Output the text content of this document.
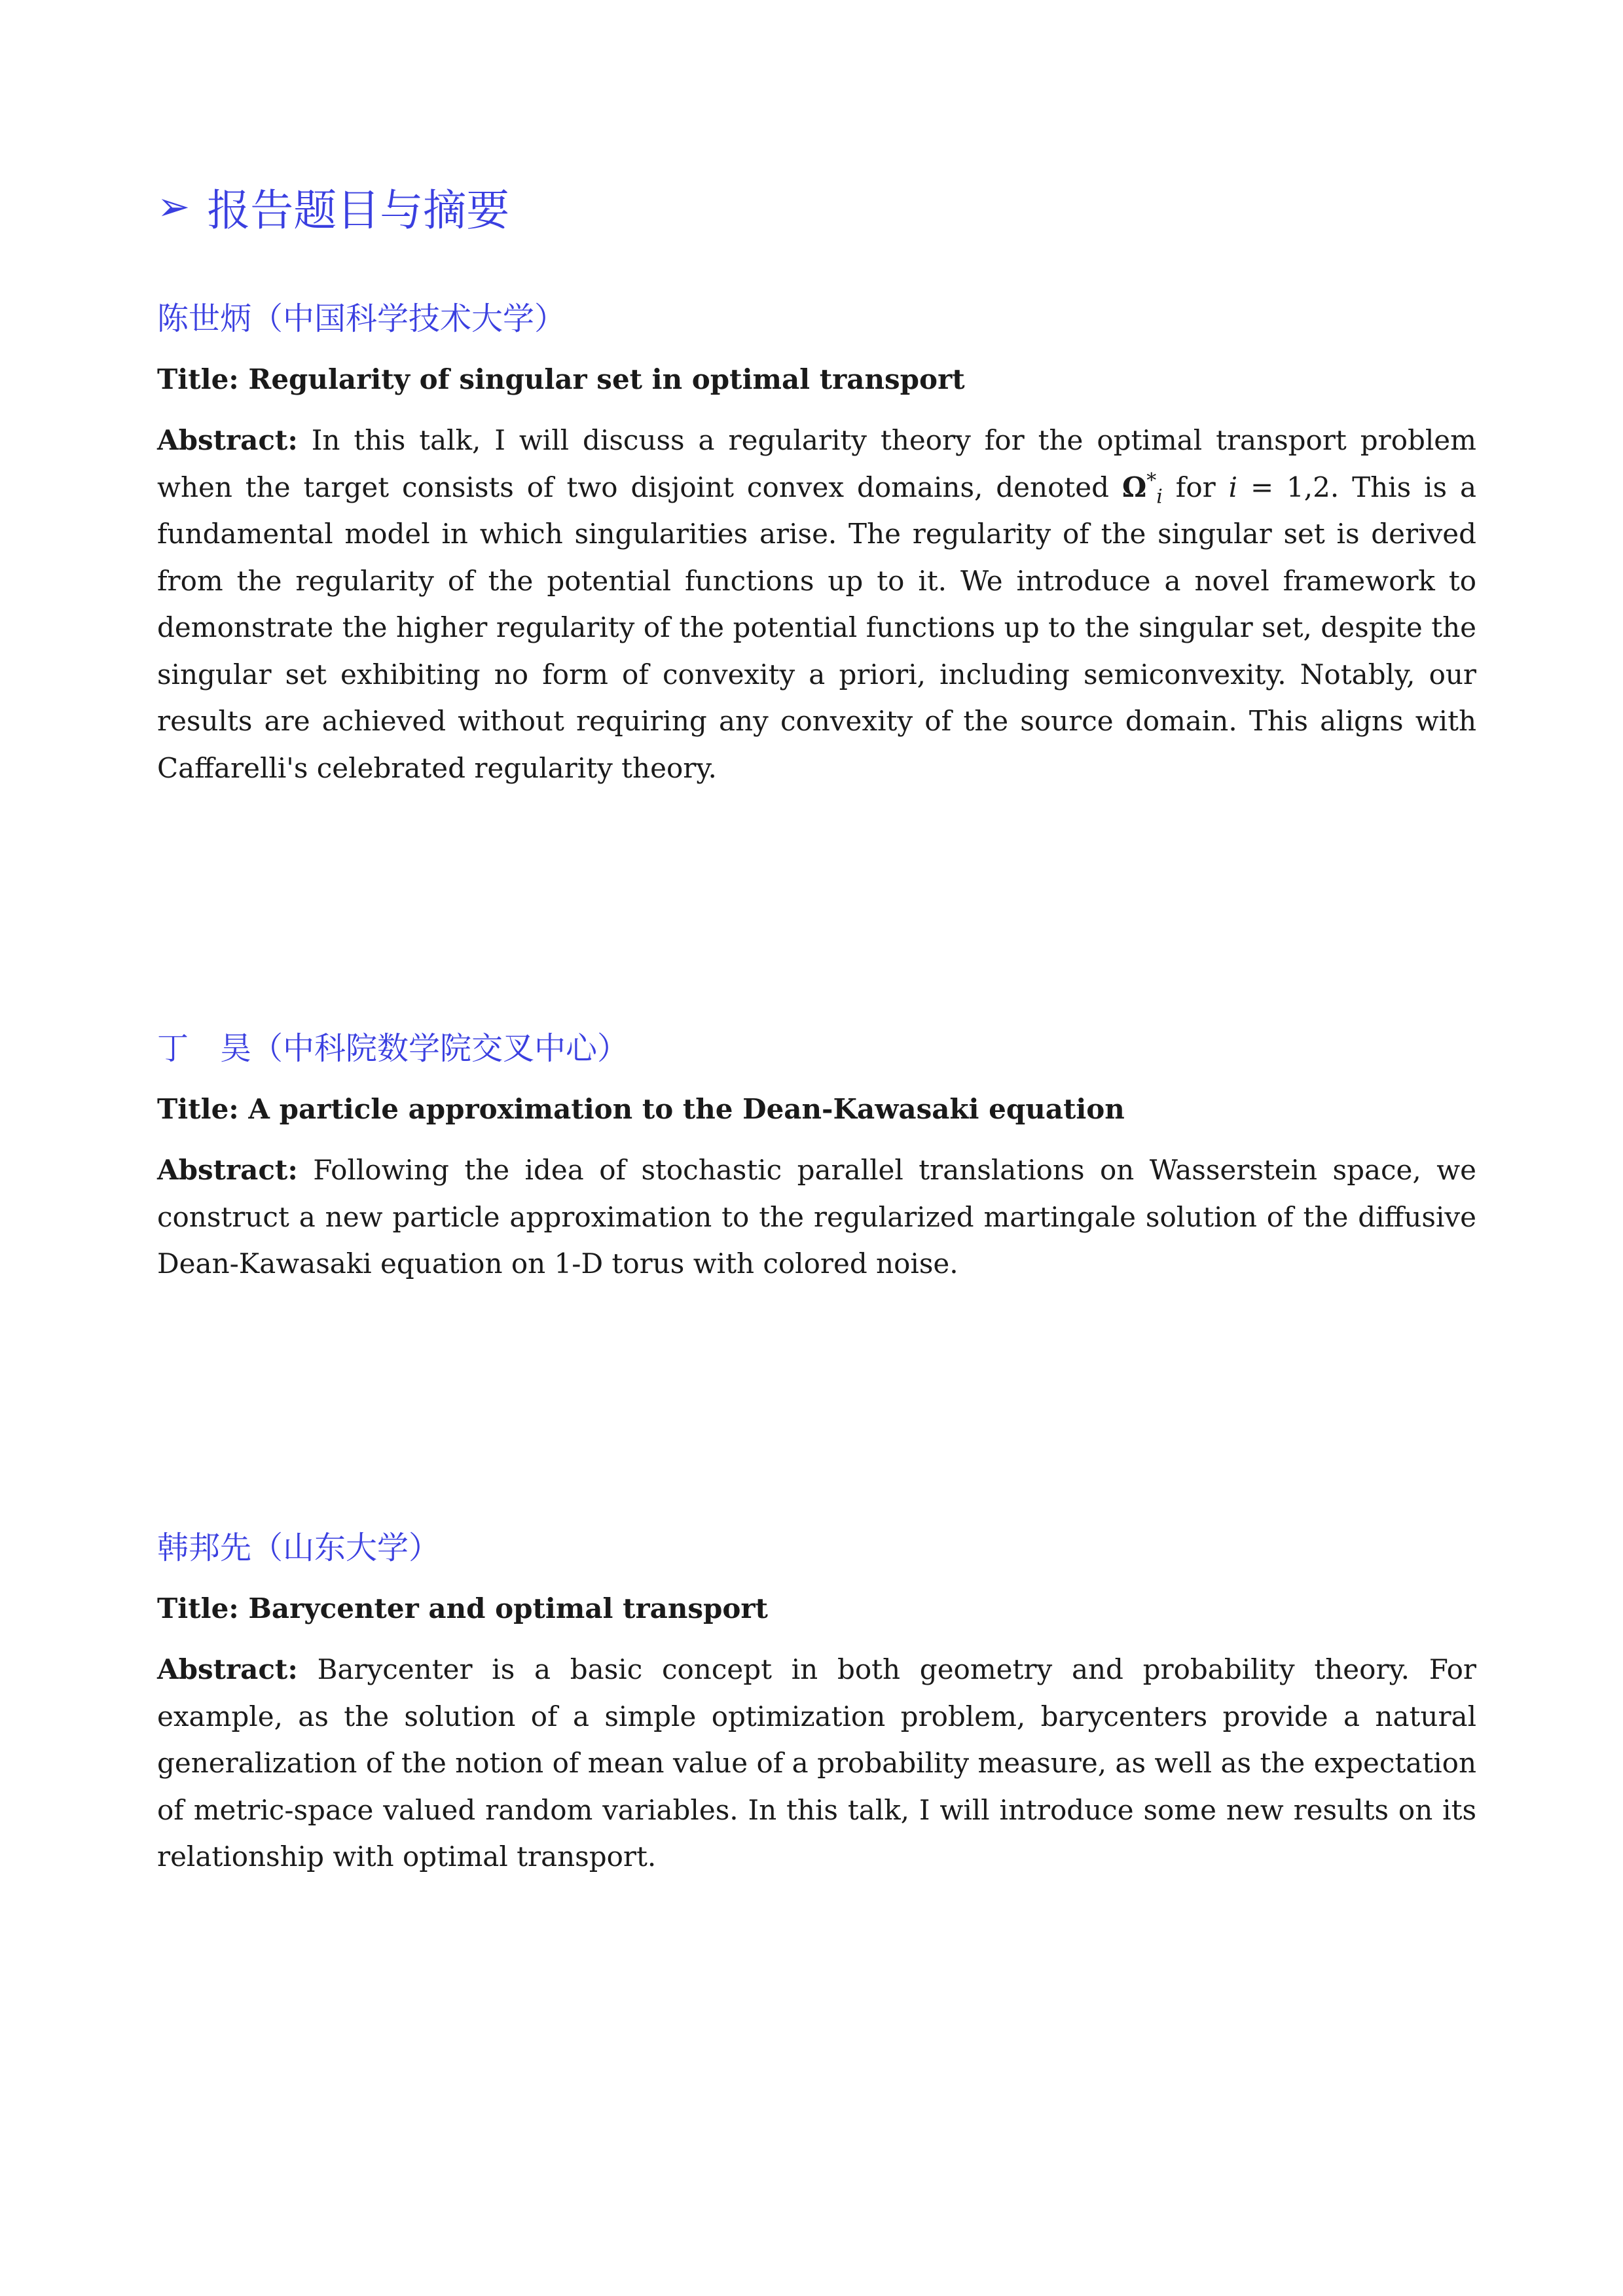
➢ 报告题目与摘要
陈世炳（中国科学技术大学）
Title: Regularity of singular set in optimal transport

Abstract: In this talk, I will discuss a regularity theory for the optimal transport problem when the target consists of two disjoint convex domains, denoted $\Omega^*_i$ for i = 1,2. This is a fundamental model in which singularities arise. The regularity of the singular set is derived from the regularity of the potential functions up to it. We introduce a novel framework to demonstrate the higher regularity of the potential functions up to the singular set, despite the singular set exhibiting no form of convexity a priori, including semiconvexity. Notably, our results are achieved without requiring any convexity of the source domain. This aligns with Caffarelli's celebrated regularity theory.

丁　昊（中科院数学院交叉中心）
Title: A particle approximation to the Dean-Kawasaki equation

Abstract: Following the idea of stochastic parallel translations on Wasserstein space, we construct a new particle approximation to the regularized martingale solution of the diffusive Dean-Kawasaki equation on 1-D torus with colored noise.

韩邦先（山东大学）
Title: Barycenter and optimal transport

Abstract: Barycenter is a basic concept in both geometry and probability theory. For example, as the solution of a simple optimization problem, barycenters provide a natural generalization of the notion of mean value of a probability measure, as well as the expectation of metric-space valued random variables. In this talk, I will introduce some new results on its relationship with optimal transport.
